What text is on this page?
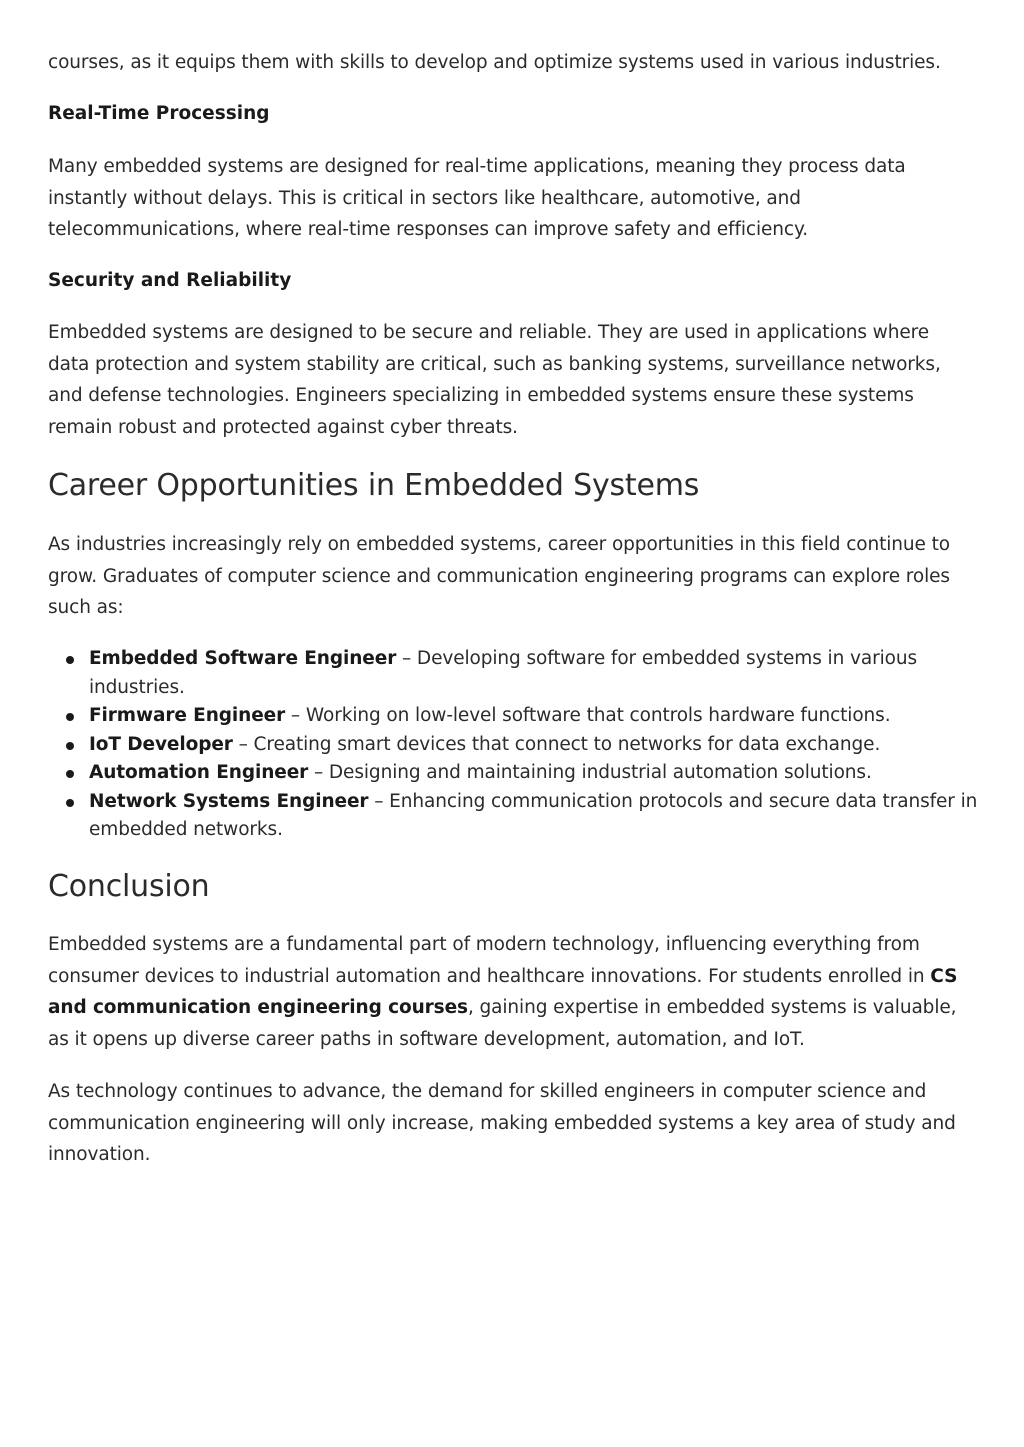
courses, as it equips them with skills to develop and optimize systems used in various industries.

Real-Time Processing

Many embedded systems are designed for real-time applications, meaning they process data instantly without delays. This is critical in sectors like healthcare, automotive, and telecommunications, where real-time responses can improve safety and efficiency.

Security and Reliability

Embedded systems are designed to be secure and reliable. They are used in applications where data protection and system stability are critical, such as banking systems, surveillance networks, and defense technologies. Engineers specializing in embedded systems ensure these systems remain robust and protected against cyber threats.

Career Opportunities in Embedded Systems

As industries increasingly rely on embedded systems, career opportunities in this field continue to grow. Graduates of computer science and communication engineering programs can explore roles such as:

Embedded Software Engineer – Developing software for embedded systems in various industries.
Firmware Engineer – Working on low-level software that controls hardware functions.
IoT Developer – Creating smart devices that connect to networks for data exchange.
Automation Engineer – Designing and maintaining industrial automation solutions.
Network Systems Engineer – Enhancing communication protocols and secure data transfer in embedded networks.
Conclusion

Embedded systems are a fundamental part of modern technology, influencing everything from consumer devices to industrial automation and healthcare innovations. For students enrolled in CS and communication engineering courses, gaining expertise in embedded systems is valuable, as it opens up diverse career paths in software development, automation, and IoT.

As technology continues to advance, the demand for skilled engineers in computer science and communication engineering will only increase, making embedded systems a key area of study and innovation.
